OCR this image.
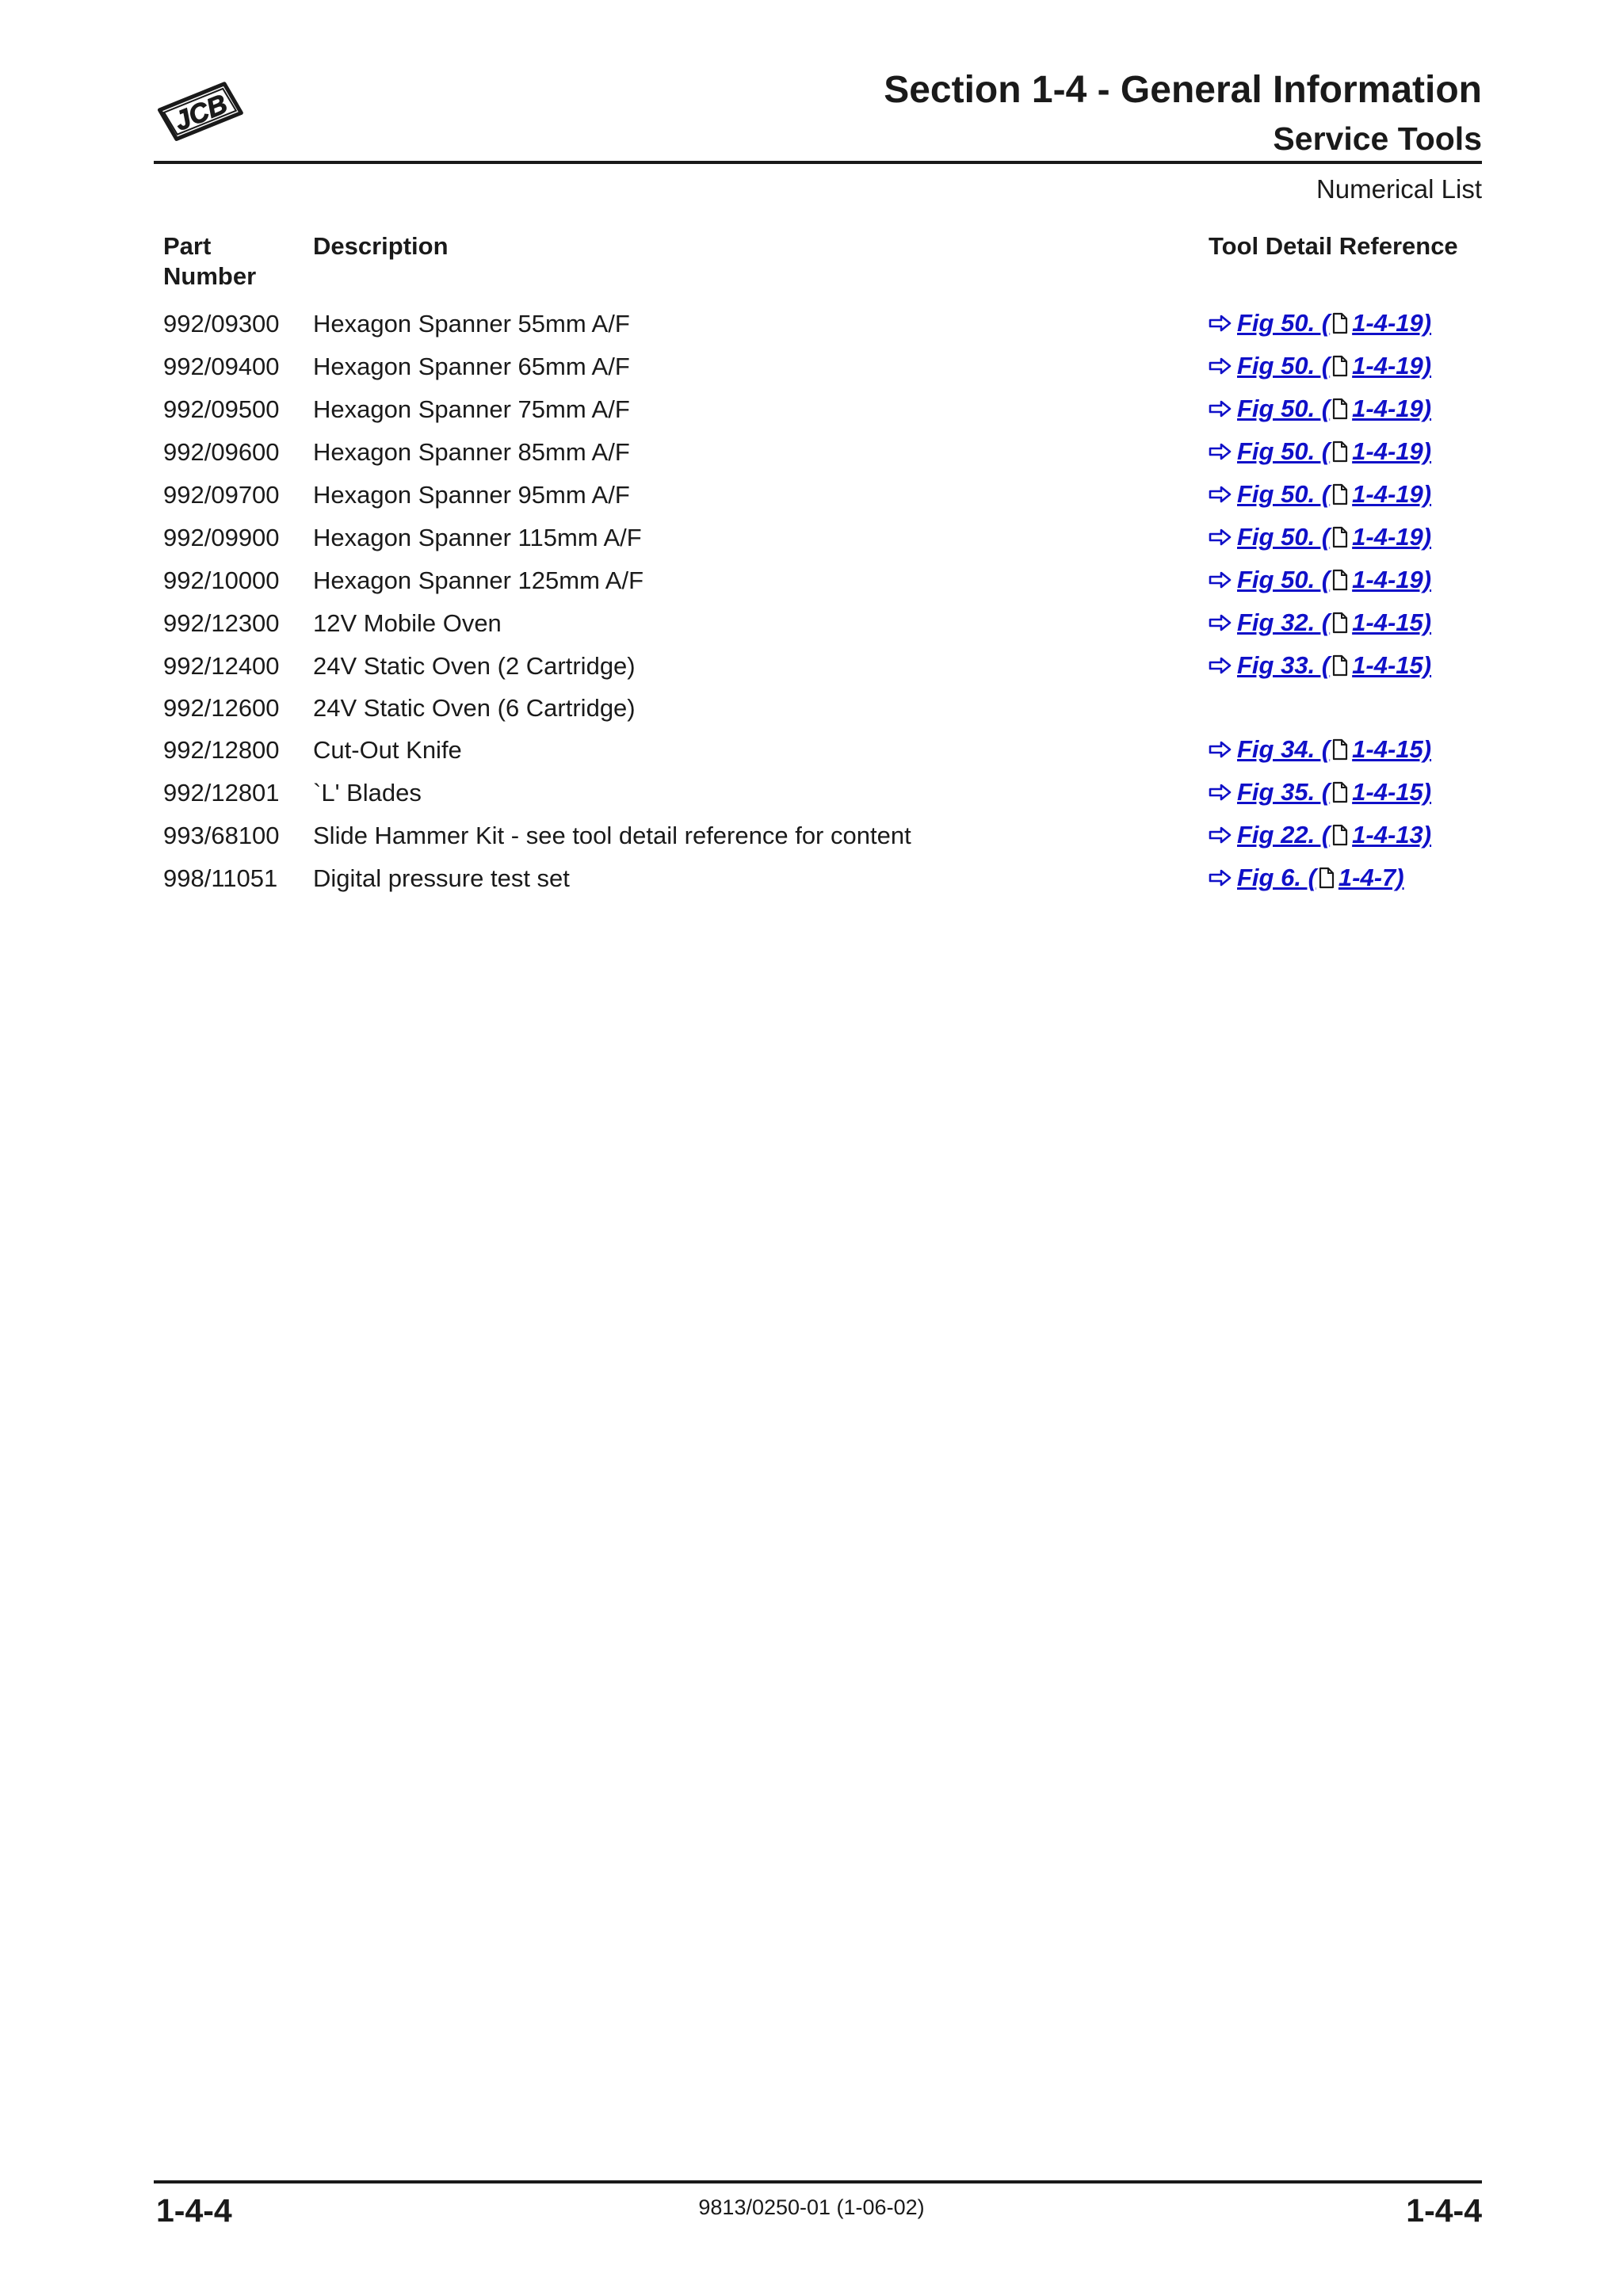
JCB	Section 1-4 - General Information
Service Tools
Numerical List
Part
Number	Description	Tool Detail Reference
992/09300	Hexagon Spanner 55mm A/F	Fig 50. ( 1-4-19)

992/09400	Hexagon Spanner 65mm A/F	Fig 50. ( 1-4-19)

992/09500	Hexagon Spanner 75mm A/F	Fig 50. ( 1-4-19)

992/09600	Hexagon Spanner 85mm A/F	Fig 50. ( 1-4-19)

992/09700	Hexagon Spanner 95mm A/F	Fig 50. ( 1-4-19)

992/09900	Hexagon Spanner 115mm A/F	Fig 50. ( 1-4-19)

992/10000	Hexagon Spanner 125mm A/F	Fig 50. ( 1-4-19)

992/12300	12V Mobile Oven	Fig 32. ( 1-4-15)

992/12400	24V Static Oven (2 Cartridge)	Fig 33. ( 1-4-15)

992/12600	24V Static Oven (6 Cartridge)	
992/12800	Cut-Out Knife	Fig 34. ( 1-4-15)

992/12801	`L' Blades	Fig 35. ( 1-4-15)

993/68100	Slide Hammer Kit - see tool detail reference for content	Fig 22. ( 1-4-13)

998/11051	Digital pressure test set	Fig 6. ( 1-4-7)
1-4-4	9813/0250-01 (1-06-02)	1-4-4
